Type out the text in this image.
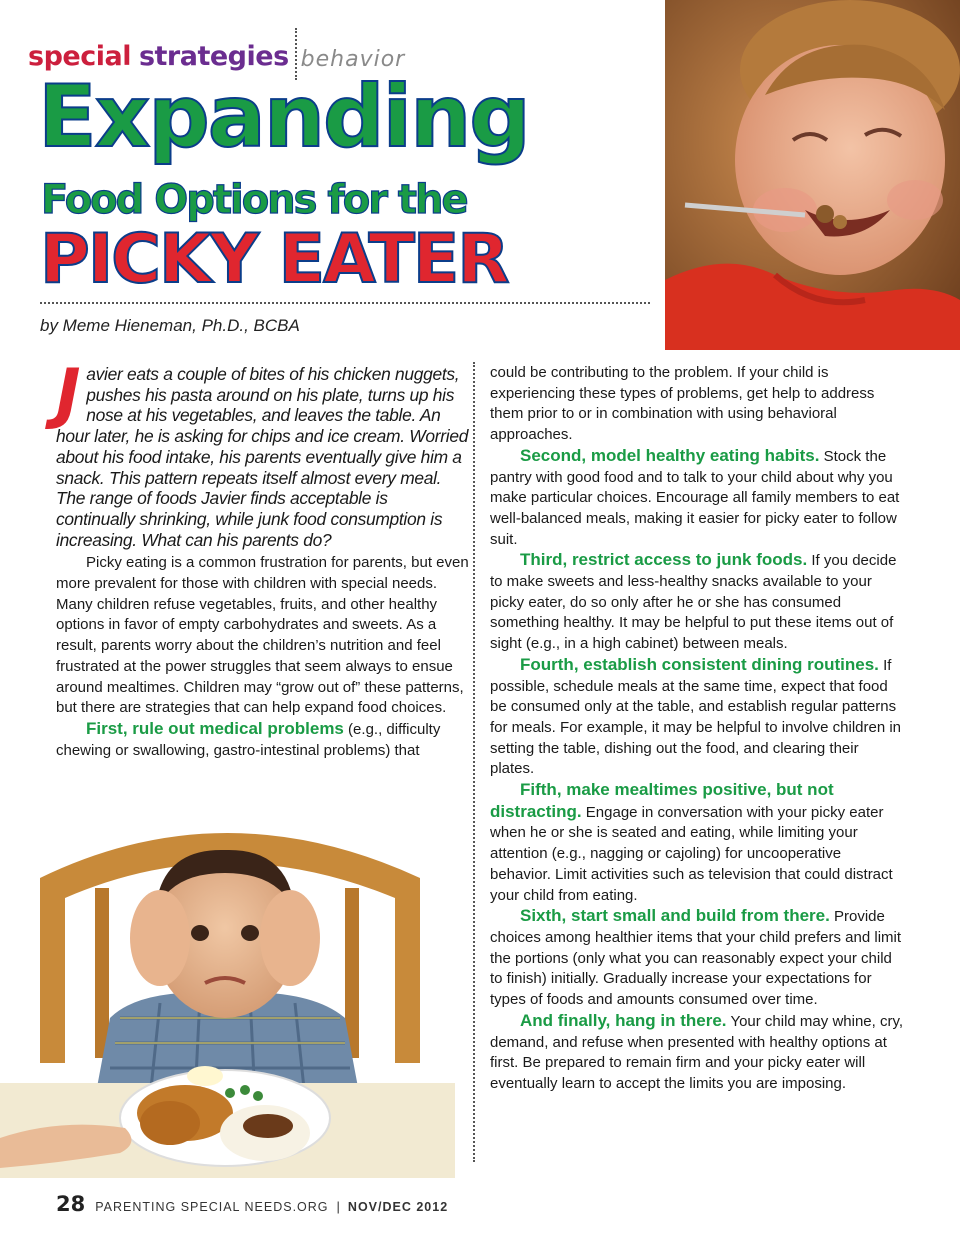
special strategies behavior
Expanding
Food Options for the
PICKY EATER
by Meme Hieneman, Ph.D., BCBA

Javier eats a couple of bites of his chicken nuggets, pushes his pasta around on his plate, turns up his nose at his vegetables, and leaves the table. An hour later, he is asking for chips and ice cream. Worried about his food intake, his parents eventually give him a snack. This pattern repeats itself almost every meal. The range of foods Javier finds acceptable is continually shrinking, while junk food consumption is increasing. What can his parents do?

Picky eating is a common frustration for parents, but even more prevalent for those with children with special needs. Many children refuse vegetables, fruits, and other healthy options in favor of empty carbohydrates and sweets. As a result, parents worry about the children’s nutrition and feel frustrated at the power struggles that seem always to ensue around mealtimes. Children may “grow out of” these patterns, but there are strategies that can help expand food choices.

First, rule out medical problems (e.g., difficulty chewing or swallowing, gastro-intestinal problems) that

could be contributing to the problem. If your child is experiencing these types of problems, get help to address them prior to or in combination with using behavioral approaches.

Second, model healthy eating habits. Stock the pantry with good food and to talk to your child about why you make particular choices. Encourage all family members to eat well-balanced meals, making it easier for picky eater to follow suit.

Third, restrict access to junk foods. If you decide to make sweets and less-healthy snacks available to your picky eater, do so only after he or she has consumed something healthy. It may be helpful to put these items out of sight (e.g., in a high cabinet) between meals.

Fourth, establish consistent dining routines. If possible, schedule meals at the same time, expect that food be consumed only at the table, and establish regular patterns for meals. For example, it may be helpful to involve children in setting the table, dishing out the food, and clearing their plates.

Fifth, make mealtimes positive, but not distracting. Engage in conversation with your picky eater when he or she is seated and eating, while limiting your attention (e.g., nagging or cajoling) for uncooperative behavior. Limit activities such as television that could distract your child from eating.

Sixth, start small and build from there. Provide choices among healthier items that your child prefers and limit the portions (only what you can reasonably expect your child to finish) initially. Gradually increase your expectations for types of foods and amounts consumed over time.

And finally, hang in there. Your child may whine, cry, demand, and refuse when presented with healthy options at first. Be prepared to remain firm and your picky eater will eventually learn to accept the limits you are imposing.

28 PARENTING SPECIAL NEEDS.ORG | NOV/DEC 2012
